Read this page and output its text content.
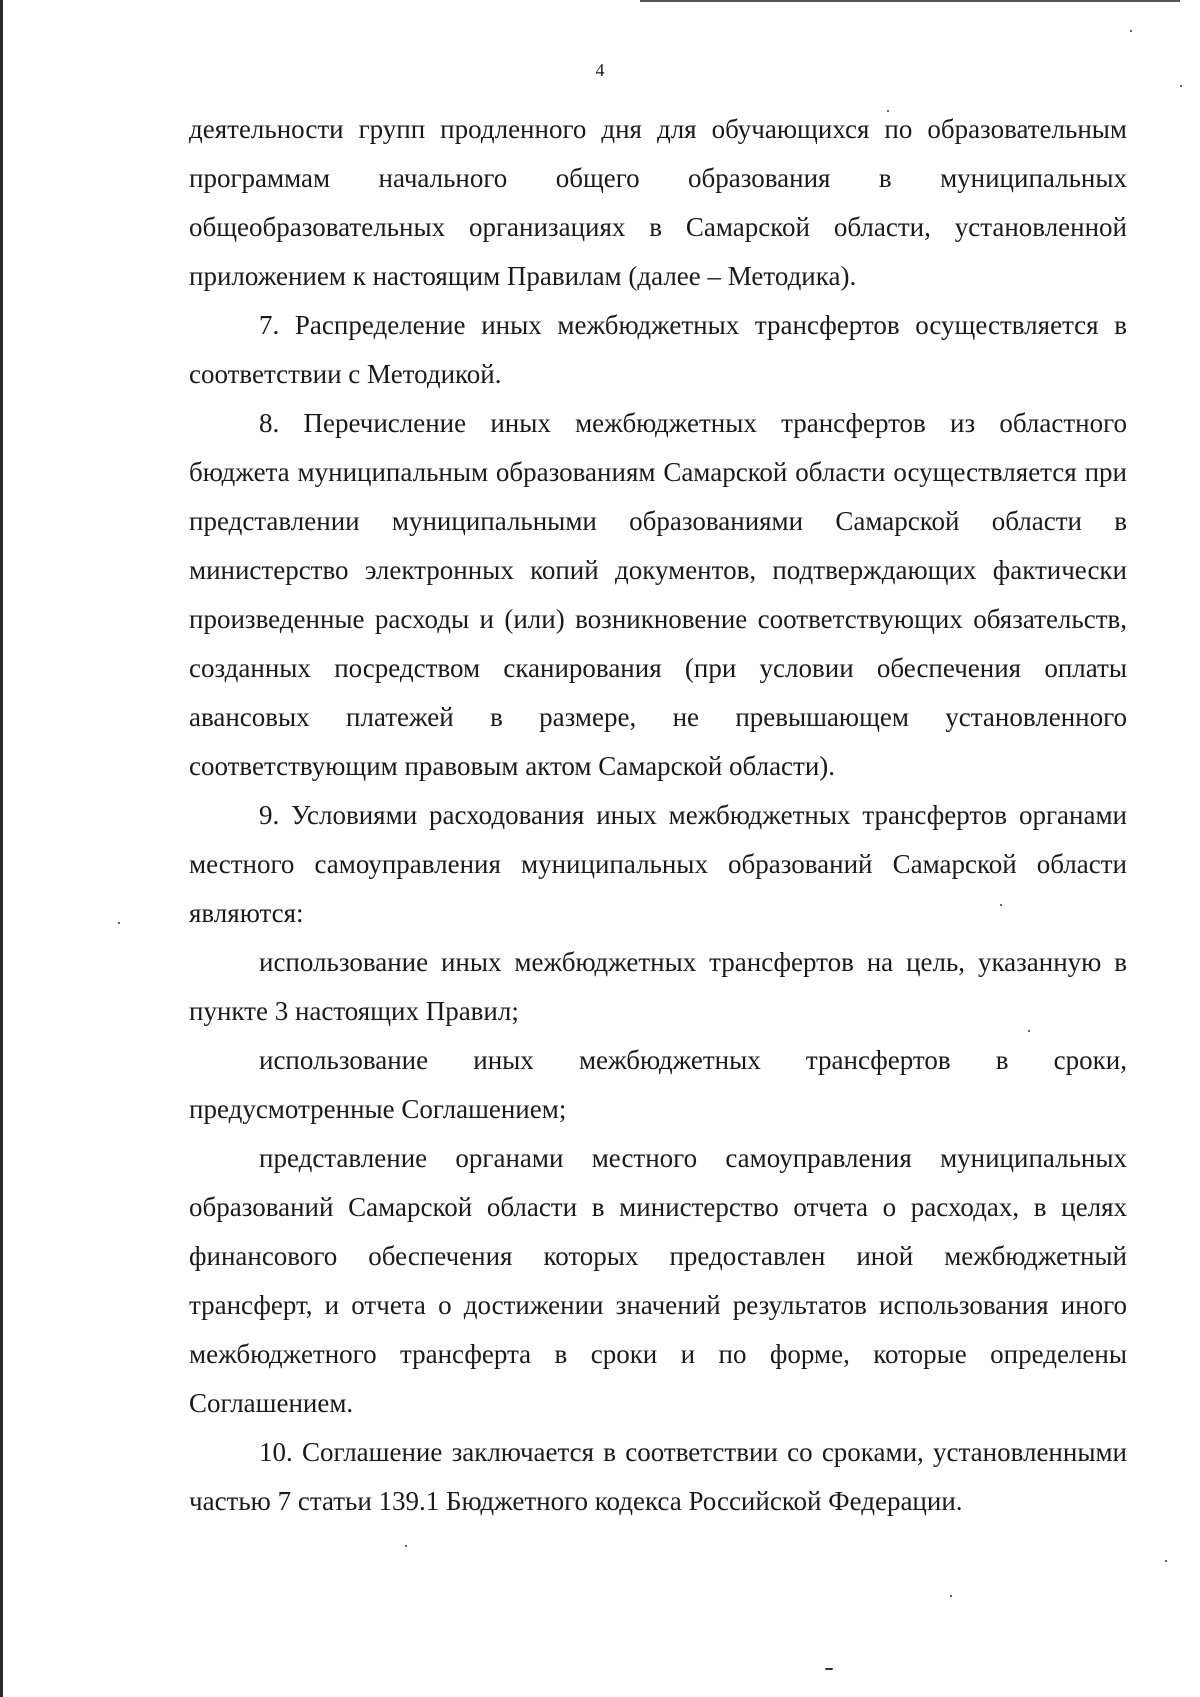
4

деятельности групп продленного дня для обучающихся по образовательным программам начального общего образования в муниципальных общеобразовательных организациях в Самарской области, установленной приложением к настоящим Правилам (далее – Методика).

7. Распределение иных межбюджетных трансфертов осуществляется в соответствии с Методикой.

8. Перечисление иных межбюджетных трансфертов из областного бюджета муниципальным образованиям Самарской области осуществляется при представлении муниципальными образованиями Самарской области в министерство электронных копий документов, подтверждающих фактически произведенные расходы и (или) возникновение соответствующих обязательств, созданных посредством сканирования (при условии обеспечения оплаты авансовых платежей в размере, не превышающем установленного соответствующим правовым актом Самарской области).

9. Условиями расходования иных межбюджетных трансфертов органами местного самоуправления муниципальных образований Самарской области являются:

использование иных межбюджетных трансфертов на цель, указанную в пункте 3 настоящих Правил;

использование иных межбюджетных трансфертов в сроки, предусмотренные Соглашением;

представление органами местного самоуправления муниципальных образований Самарской области в министерство отчета о расходах, в целях финансового обеспечения которых предоставлен иной межбюджетный трансферт, и отчета о достижении значений результатов использования иного межбюджетного трансферта в сроки и по форме, которые определены Соглашением.

10. Соглашение заключается в соответствии со сроками, установленными частью 7 статьи 139.1 Бюджетного кодекса Российской Федерации.
